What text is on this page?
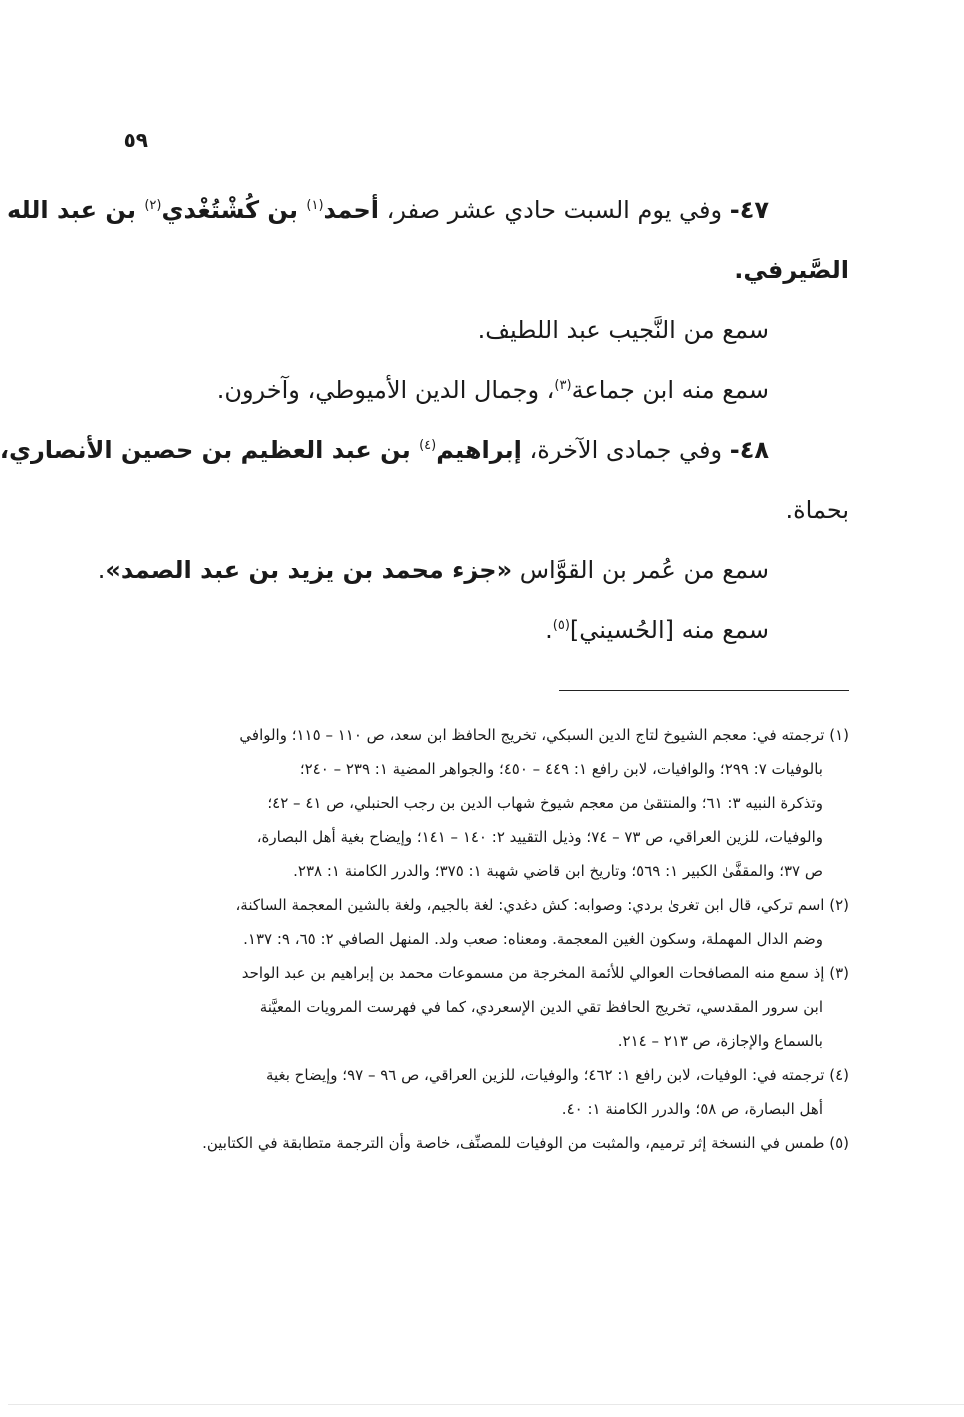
٥٩
٤٧- وفي يوم السبت حادي عشر صفر، أحمد$^{(١)}$ بن كُشْتُغْدي$^{(٢)}$ بن عبد الله
الصَّيرفي.
سمع من النَّجيب عبد اللطيف.
سمع منه ابن جماعة$^{(٣)}$، وجمال الدين الأميوطي، وآخرون.
٤٨- وفي جمادى الآخرة، إبراهيم$^{(٤)}$ بن عبد العظيم بن حصين الأنصاري،
بحماة.
سمع من عُمر بن القوَّاس «جزء محمد بن يزيد بن عبد الصمد».
سمع منه [الحُسيني]$^{(٥)}$.
(١) ترجمته في: معجم الشيوخ لتاج الدين السبكي، تخريج الحافظ ابن سعد، ص ١١٠ – ١١٥؛ والوافي
بالوفيات ٧: ٢٩٩؛ والوافيات، لابن رافع ١: ٤٤٩ – ٤٥٠؛ والجواهر المضية ١: ٢٣٩ – ٢٤٠؛
وتذكرة النبيه ٣: ٦١؛ والمنتقىٰ من معجم شيوخ شهاب الدين بن رجب الحنبلي، ص ٤١ – ٤٢؛
والوفيات، للزين العراقي، ص ٧٣ – ٧٤؛ وذيل التقييد ٢: ١٤٠ – ١٤١؛ وإيضاح بغية أهل البصارة،
ص ٣٧؛ والمقفَّىٰ الكبير ١: ٥٦٩؛ وتاريخ ابن قاضي شهبة ١: ٣٧٥؛ والدرر الكامنة ١: ٢٣٨.
(٢) اسم تركي، قال ابن تغرىٰ بردي: وصوابه: كش دغدي: لغة بالجيم، ولغة بالشين المعجمة الساكنة،
وضم الدال المهملة، وسكون الغين المعجمة. ومعناه: صعب ولد. المنهل الصافي ٢: ٦٥، ٩: ١٣٧.
(٣) إذ سمع منه المصافحات العوالي للأئمة المخرجة من مسموعات محمد بن إبراهيم بن عبد الواحد
ابن سرور المقدسي، تخريج الحافظ تقي الدين الإسعردي، كما في فهرست المرويات المعيَّنة
بالسماع والإجازة، ص ٢١٣ – ٢١٤.
(٤) ترجمته في: الوفيات، لابن رافع ١: ٤٦٢؛ والوفيات، للزين العراقي، ص ٩٦ – ٩٧؛ وإيضاح بغية
أهل البصارة، ص ٥٨؛ والدرر الكامنة ١: ٤٠.
(٥) طمس في النسخة إثر ترميم، والمثبت من الوفيات للمصنِّف، خاصة وأن الترجمة متطابقة في الكتابين.
